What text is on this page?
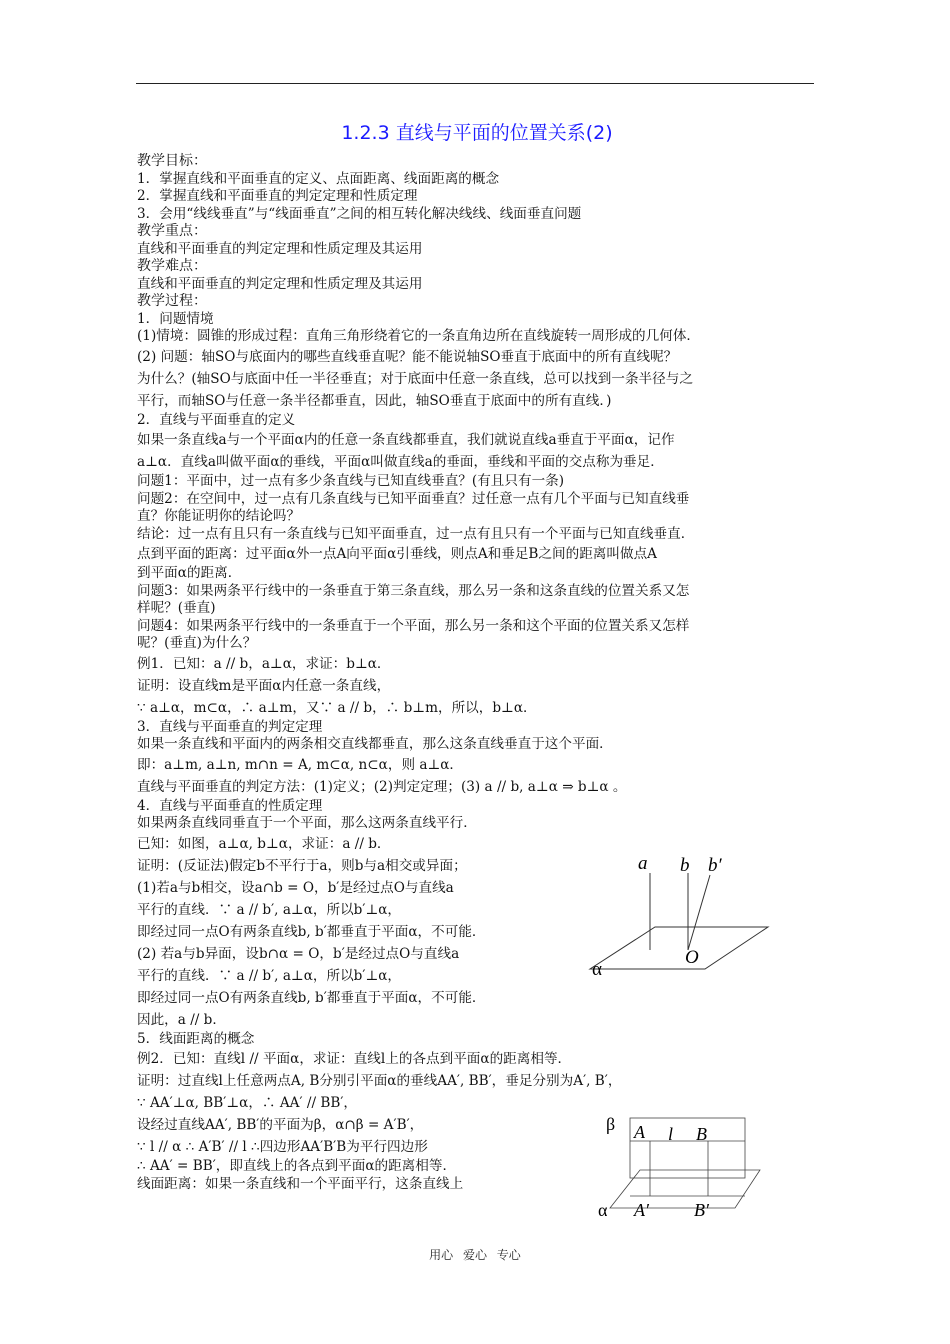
1.2.3 直线与平面的位置关系(2)

教学目标：

1．掌握直线和平面垂直的定义、点面距离、线面距离的概念

2．掌握直线和平面垂直的判定定理和性质定理

3．会用“线线垂直”与“线面垂直”之间的相互转化解决线线、线面垂直问题

教学重点：

直线和平面垂直的判定定理和性质定理及其运用

教学难点：

直线和平面垂直的判定定理和性质定理及其运用

教学过程：

1．问题情境

(1)情境：圆锥的形成过程：直角三角形绕着它的一条直角边所在直线旋转一周形成的几何体．

(2) 问题：轴SO与底面内的哪些直线垂直呢？能不能说轴SO垂直于底面中的所有直线呢？

为什么？(轴SO与底面中任一半径垂直；对于底面中任意一条直线，总可以找到一条半径与之

平行，而轴SO与任意一条半径都垂直，因此，轴SO垂直于底面中的所有直线．)

2．直线与平面垂直的定义

如果一条直线a与一个平面α内的任意一条直线都垂直，我们就说直线a垂直于平面α，记作

a⊥α．直线a叫做平面α的垂线，平面α叫做直线a的垂面，垂线和平面的交点称为垂足．

问题1：平面中，过一点有多少条直线与已知直线垂直？(有且只有一条)

问题2：在空间中，过一点有几条直线与已知平面垂直？过任意一点有几个平面与已知直线垂

直？你能证明你的结论吗？

结论：过一点有且只有一条直线与已知平面垂直，过一点有且只有一个平面与已知直线垂直．

点到平面的距离：过平面α外一点A向平面α引垂线，则点A和垂足B之间的距离叫做点A

到平面α的距离．

问题3：如果两条平行线中的一条垂直于第三条直线，那么另一条和这条直线的位置关系又怎

样呢？(垂直)

问题4：如果两条平行线中的一条垂直于一个平面，那么另一条和这个平面的位置关系又怎样

呢？(垂直)为什么？

例1．已知：a // b，a⊥α，求证：b⊥α．

证明：设直线m是平面α内任意一条直线，

∵ a⊥α，m⊂α，∴ a⊥m，又∵ a // b，∴ b⊥m，所以，b⊥α．

3．直线与平面垂直的判定定理

如果一条直线和平面内的两条相交直线都垂直，那么这条直线垂直于这个平面．

即：a⊥m, a⊥n, m∩n = A, m⊂α, n⊂α，则 a⊥α．

直线与平面垂直的判定方法：(1)定义；(2)判定定理；(3) a // b, a⊥α ⇒ b⊥α 。

4．直线与平面垂直的性质定理

如果两条直线同垂直于一个平面，那么这两条直线平行．

已知：如图，a⊥α, b⊥α，求证：a // b．

证明：(反证法)假定b不平行于a，则b与a相交或异面；

(1)若a与b相交，设a∩b = O，b′是经过点O与直线a

平行的直线．∵ a // b′, a⊥α，所以b′⊥α，

即经过同一点O有两条直线b, b′都垂直于平面α，不可能．

(2) 若a与b异面，设b∩α = O，b′是经过点O与直线a

平行的直线．∵ a // b′, a⊥α，所以b′⊥α，

即经过同一点O有两条直线b, b′都垂直于平面α，不可能．

因此，a // b．

5．线面距离的概念

例2．已知：直线l // 平面α，求证：直线l上的各点到平面α的距离相等．

证明：过直线l上任意两点A, B分别引平面α的垂线AA′, BB′，垂足分别为A′, B′，

∵ AA′⊥α, BB′⊥α，∴ AA′ // BB′，

设经过直线AA′, BB′的平面为β，α∩β = A′B′，

∵ l // α ∴ A′B′ // l ∴四边形AA′B′B为平行四边形

∴ AA′ = BB′，即直线上的各点到平面α的距离相等．

线面距离：如果一条直线和一个平面平行，这条直线上

a b b′
O
α
β A l B
α A′	B′
用心 爱心 专心
